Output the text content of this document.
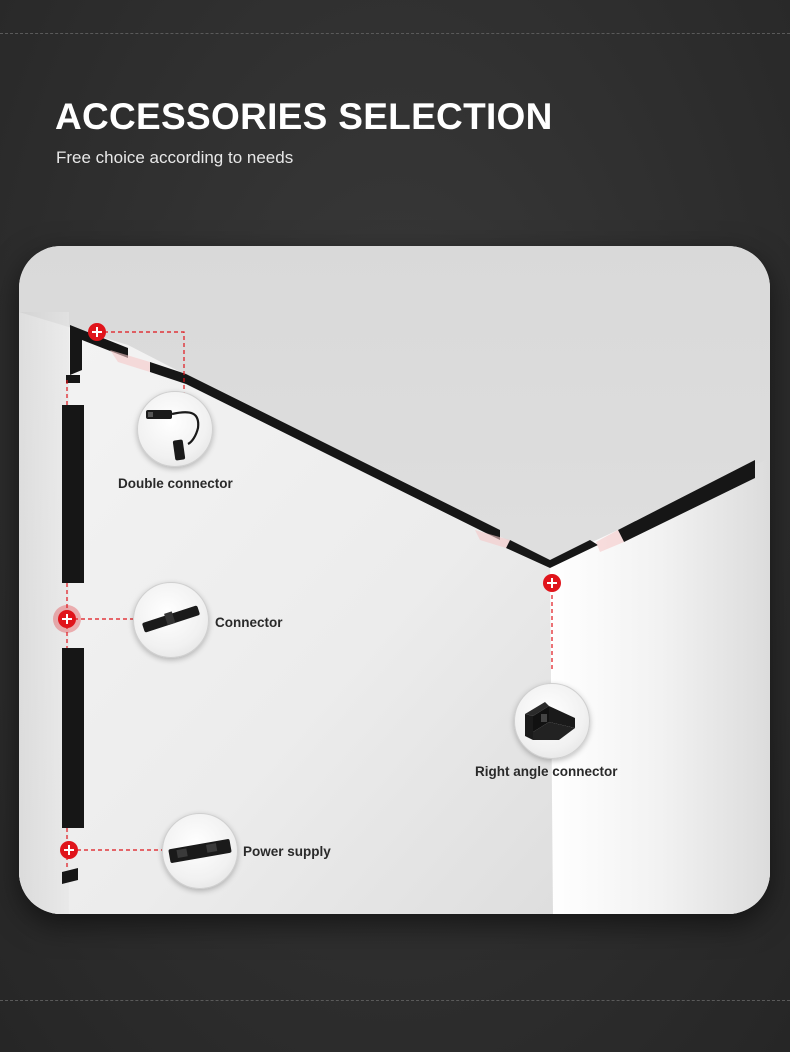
ACCESSORIES SELECTION

Free choice according to needs

Double connector
Connector
Right angle connector
Power supply
